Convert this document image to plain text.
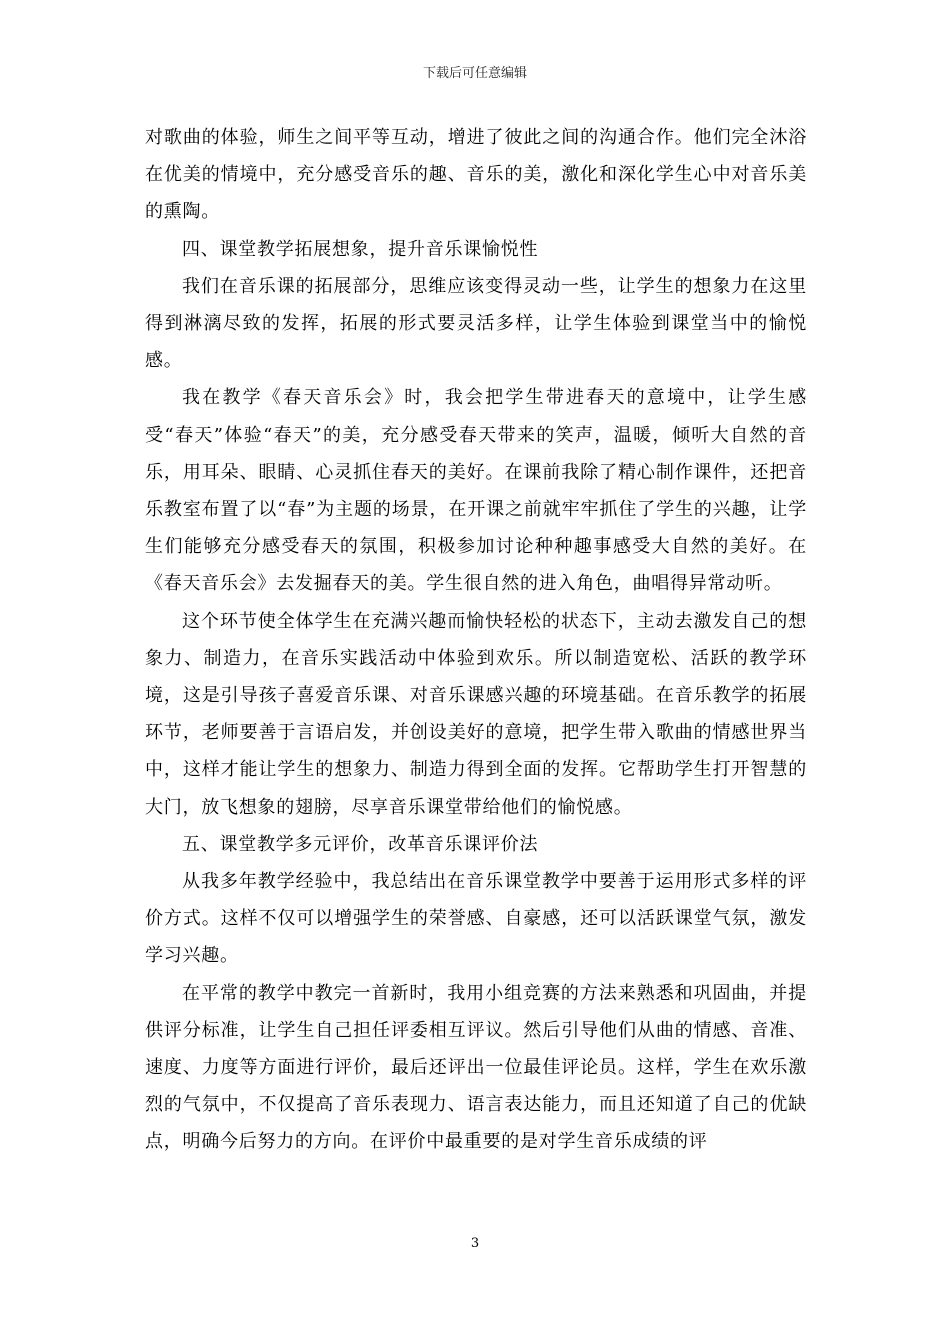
下载后可任意编辑

对歌曲的体验，师生之间平等互动，增进了彼此之间的沟通合作。他们完全沐浴在优美的情境中，充分感受音乐的趣、音乐的美，激化和深化学生心中对音乐美的熏陶。

四、课堂教学拓展想象，提升音乐课愉悦性

我们在音乐课的拓展部分，思维应该变得灵动一些，让学生的想象力在这里得到淋漓尽致的发挥，拓展的形式要灵活多样，让学生体验到课堂当中的愉悦感。

我在教学《春天音乐会》时，我会把学生带进春天的意境中，让学生感受“春天”体验“春天”的美，充分感受春天带来的笑声，温暖，倾听大自然的音乐，用耳朵、眼睛、心灵抓住春天的美好。在课前我除了精心制作课件，还把音乐教室布置了以“春”为主题的场景，在开课之前就牢牢抓住了学生的兴趣，让学生们能够充分感受春天的氛围，积极参加讨论种种趣事感受大自然的美好。在《春天音乐会》去发掘春天的美。学生很自然的进入角色，曲唱得异常动听。

这个环节使全体学生在充满兴趣而愉快轻松的状态下，主动去激发自己的想象力、制造力，在音乐实践活动中体验到欢乐。所以制造宽松、活跃的教学环境，这是引导孩子喜爱音乐课、对音乐课感兴趣的环境基础。在音乐教学的拓展环节，老师要善于言语启发，并创设美好的意境，把学生带入歌曲的情感世界当中，这样才能让学生的想象力、制造力得到全面的发挥。它帮助学生打开智慧的大门，放飞想象的翅膀，尽享音乐课堂带给他们的愉悦感。

五、课堂教学多元评价，改革音乐课评价法

从我多年教学经验中，我总结出在音乐课堂教学中要善于运用形式多样的评价方式。这样不仅可以增强学生的荣誉感、自豪感，还可以活跃课堂气氛，激发学习兴趣。

在平常的教学中教完一首新时，我用小组竞赛的方法来熟悉和巩固曲，并提供评分标准，让学生自己担任评委相互评议。然后引导他们从曲的情感、音准、速度、力度等方面进行评价，最后还评出一位最佳评论员。这样，学生在欢乐激烈的气氛中，不仅提高了音乐表现力、语言表达能力，而且还知道了自己的优缺点，明确今后努力的方向。在评价中最重要的是对学生音乐成绩的评

3
